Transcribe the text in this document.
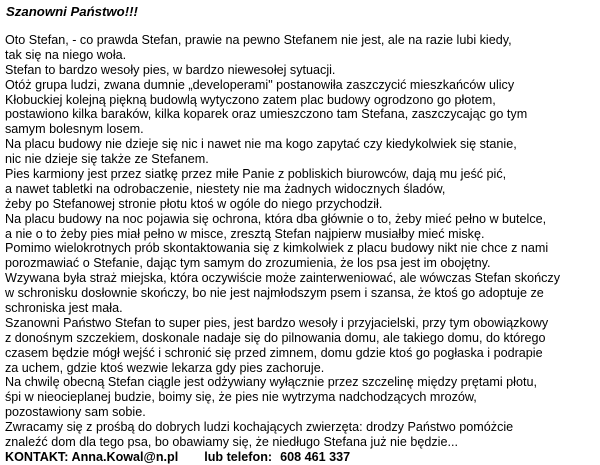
Szanowni Państwo!!!
Oto Stefan, - co prawda Stefan, prawie na pewno Stefanem nie jest, ale na razie lubi kiedy,
tak się na niego woła.
Stefan to bardzo wesoły pies, w bardzo niewesołej sytuacji.
Otóż grupa ludzi, zwana dumnie „developerami" postanowiła zaszczycić mieszkańców ulicy
Kłobuckiej kolejną piękną budowlą wytyczono zatem plac budowy ogrodzono go płotem,
postawiono kilka baraków, kilka koparek oraz umieszczono tam Stefana, zaszczycając go tym
samym bolesnym losem.
Na placu budowy nie dzieje się nic i nawet nie ma kogo zapytać czy kiedykolwiek się stanie,
nic nie dzieje się także ze Stefanem.
Pies karmiony jest przez siatkę przez miłe Panie z pobliskich biurowców, dają mu jeść pić,
a nawet tabletki na odrobaczenie, niestety nie ma żadnych widocznych śladów,
żeby po Stefanowej stronie płotu ktoś w ogóle do niego przychodził.
Na placu budowy na noc pojawia się ochrona, która dba głównie o to, żeby mieć pełno w butelce,
a nie o to żeby pies miał pełno w misce, zresztą Stefan najpierw musiałby mieć miskę.
Pomimo wielokrotnych prób skontaktowania się z kimkolwiek z placu budowy nikt nie chce z nami
porozmawiać o Stefanie, dając tym samym do zrozumienia, że los psa jest im obojętny.
Wzywana była straż miejska, która oczywiście może zainterweniować, ale wówczas Stefan skończy
w schronisku dosłownie skończy, bo nie jest najmłodszym psem i szansa, że ktoś go adoptuje ze
schroniska jest mała.
Szanowni Państwo Stefan to super pies, jest bardzo wesoły i przyjacielski, przy tym obowiązkowy
z donośnym szczekiem, doskonale nadaje się do pilnowania domu, ale takiego domu, do którego
czasem będzie mógł wejść i schronić się przed zimnem, domu gdzie ktoś go pogłaska i podrapie
za uchem, gdzie ktoś wezwie lekarza gdy pies zachoruje.
Na chwilę obecną Stefan ciągle jest odżywiany wyłącznie przez szczelinę między prętami płotu,
śpi w nieocieplanej budzie, boimy się, że pies nie wytrzyma nadchodzących mrozów,
pozostawiony sam sobie.
Zwracamy się z prośbą do dobrych ludzi kochających zwierzęta: drodzy Państwo pomóżcie
znaleźć dom dla tego psa, bo obawiamy się, że niedługo Stefana już nie będzie...
KONTAKT: Anna.Kowal@n.pl lub telefon: 608 461 337
